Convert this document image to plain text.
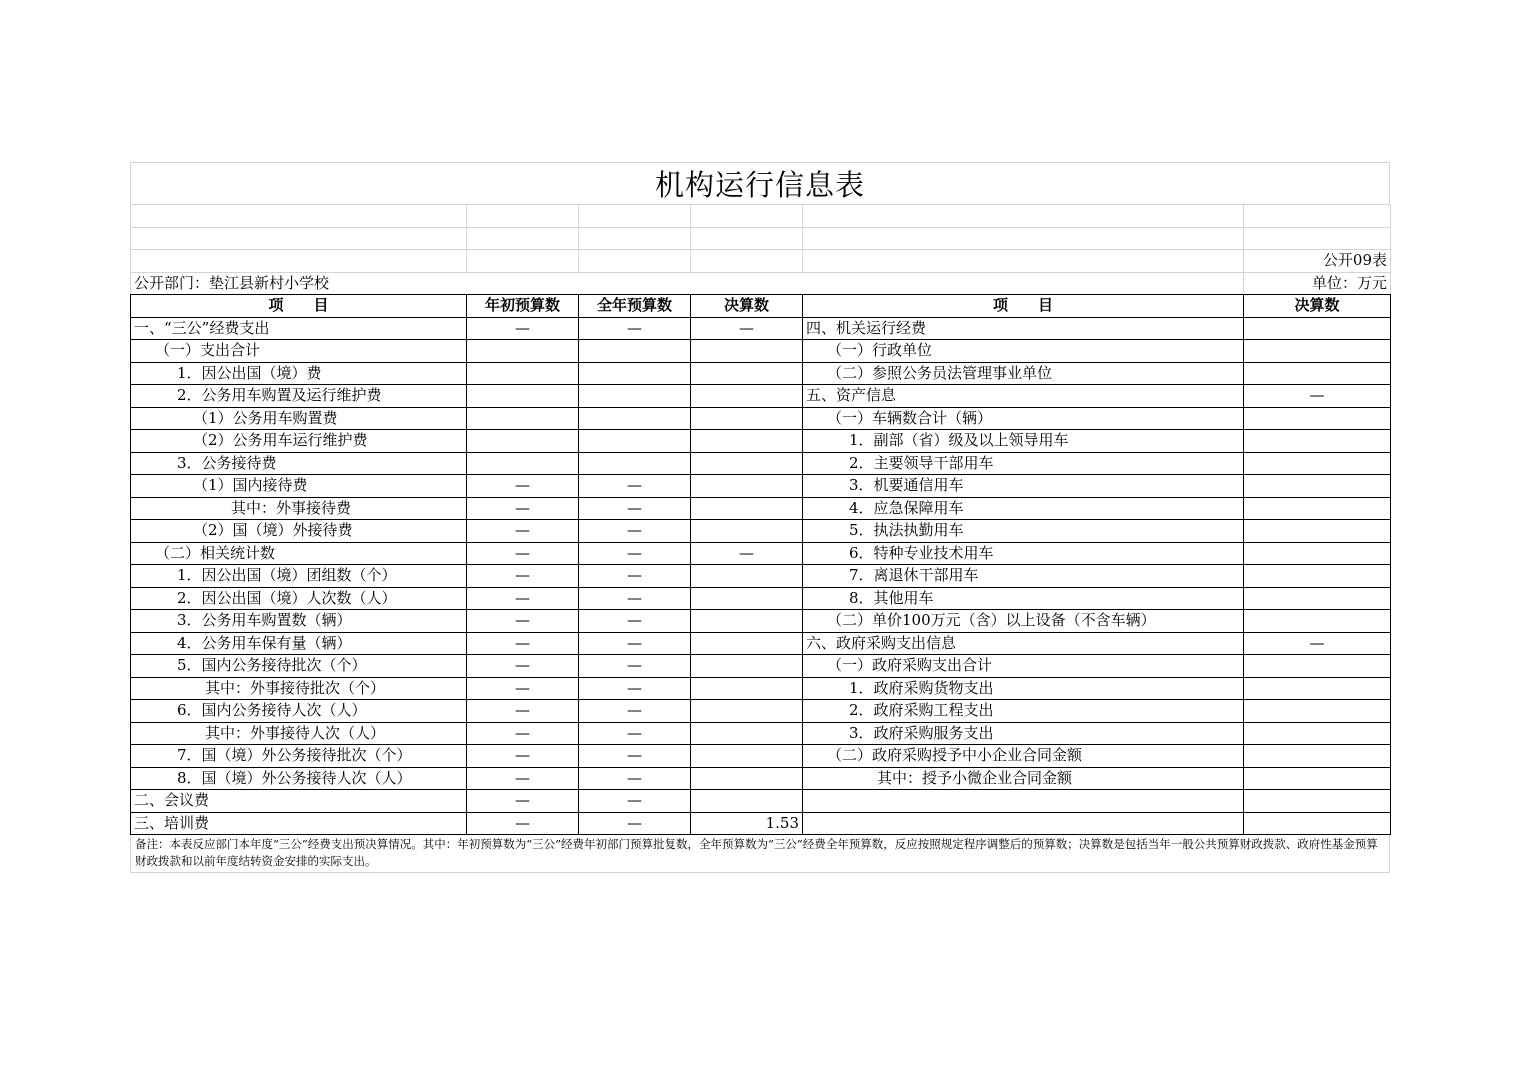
机构运行信息表

					公开09表
公开部门：垫江县新村小学校					单位：万元
项　　目	年初预算数	全年预算数	决算数	项　　目	决算数
一、“三公”经费支出	—	—	—	四、机关运行经费	
（一）支出合计				（一）行政单位	
1．因公出国（境）费				（二）参照公务员法管理事业单位	
2．公务用车购置及运行维护费				五、资产信息	—
（1）公务用车购置费				（一）车辆数合计（辆）	
（2）公务用车运行维护费				1．副部（省）级及以上领导用车	
3．公务接待费				2．主要领导干部用车	
（1）国内接待费	—	—		3．机要通信用车	
其中：外事接待费	—	—		4．应急保障用车	
（2）国（境）外接待费	—	—		5．执法执勤用车	
（二）相关统计数	—	—	—	6．特种专业技术用车	
1．因公出国（境）团组数（个）	—	—		7．离退休干部用车	
2．因公出国（境）人次数（人）	—	—		8．其他用车	
3．公务用车购置数（辆）	—	—		（二）单价100万元（含）以上设备（不含车辆）	
4．公务用车保有量（辆）	—	—		六、政府采购支出信息	—
5．国内公务接待批次（个）	—	—		（一）政府采购支出合计	
其中：外事接待批次（个）	—	—		1．政府采购货物支出	
6．国内公务接待人次（人）	—	—		2．政府采购工程支出	
其中：外事接待人次（人）	—	—		3．政府采购服务支出	
7．国（境）外公务接待批次（个）	—	—		（二）政府采购授予中小企业合同金额	
8．国（境）外公务接待人次（人）	—	—		其中：授予小微企业合同金额	
二、会议费	—	—			
三、培训费	—	—	1.53		
备注：本表反应部门本年度“三公”经费支出预决算情况。其中：年初预算数为“三公”经费年初部门预算批复数，全年预算数为“三公”经费全年预算数，反应按照规定程序调整后的预算数；决算数是包括当年一般公共预算财政拨款、政府性基金预算财政拨款和以前年度结转资金安排的实际支出。
